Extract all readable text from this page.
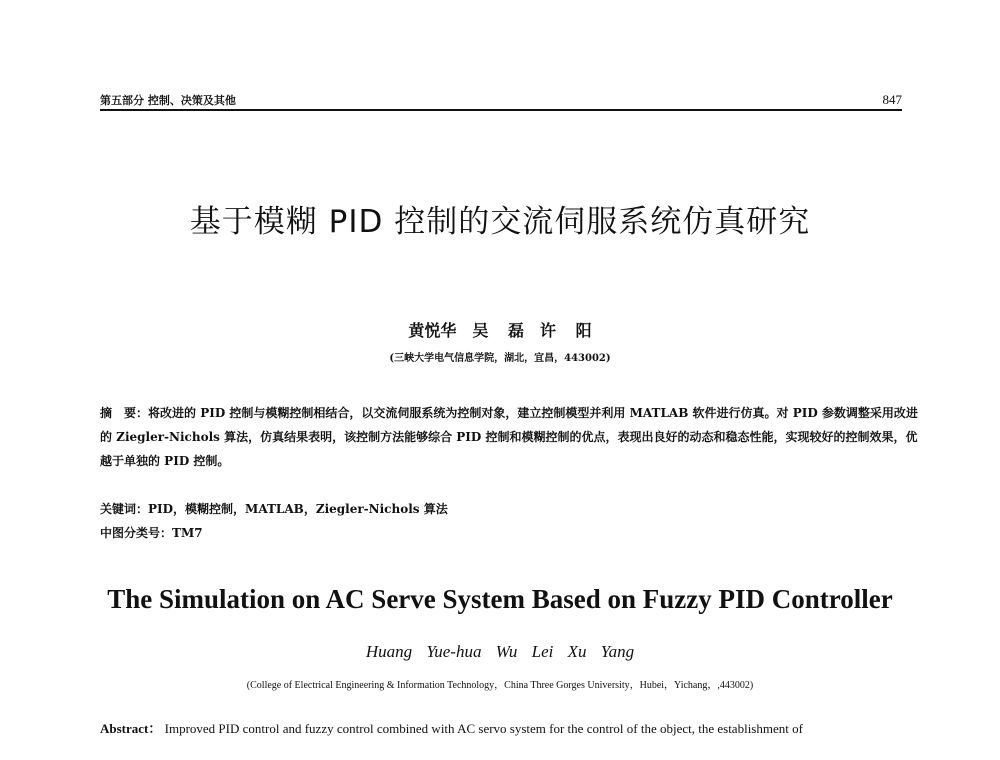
第五部分 控制、决策及其他	847
基于模糊 PID 控制的交流伺服系统仿真研究
黄悦华　吴 磊　许 阳
(三峡大学电气信息学院，湖北，宜昌，443002)

摘　要：将改进的 PID 控制与模糊控制相结合，以交流伺服系统为控制对象，建立控制模型并利用 MATLAB 软件进行仿真。对 PID 参数调整采用改进的 Ziegler-Nichols 算法，仿真结果表明，该控制方法能够综合 PID 控制和模糊控制的优点，表现出良好的动态和稳态性能，实现较好的控制效果，优越于单独的 PID 控制。

关键词：PID，模糊控制，MATLAB，Ziegler-Nichols 算法

中图分类号：TM7

The Simulation on AC Serve System Based on Fuzzy PID Controller
Huang Yue-hua Wu Lei Xu Yang
(College of Electrical Engineering & Information Technology，China Three Gorges University，Hubei，Yichang，,443002)

Abstract： Improved PID control and fuzzy control combined with AC servo system for the control of the object, the establishment of
